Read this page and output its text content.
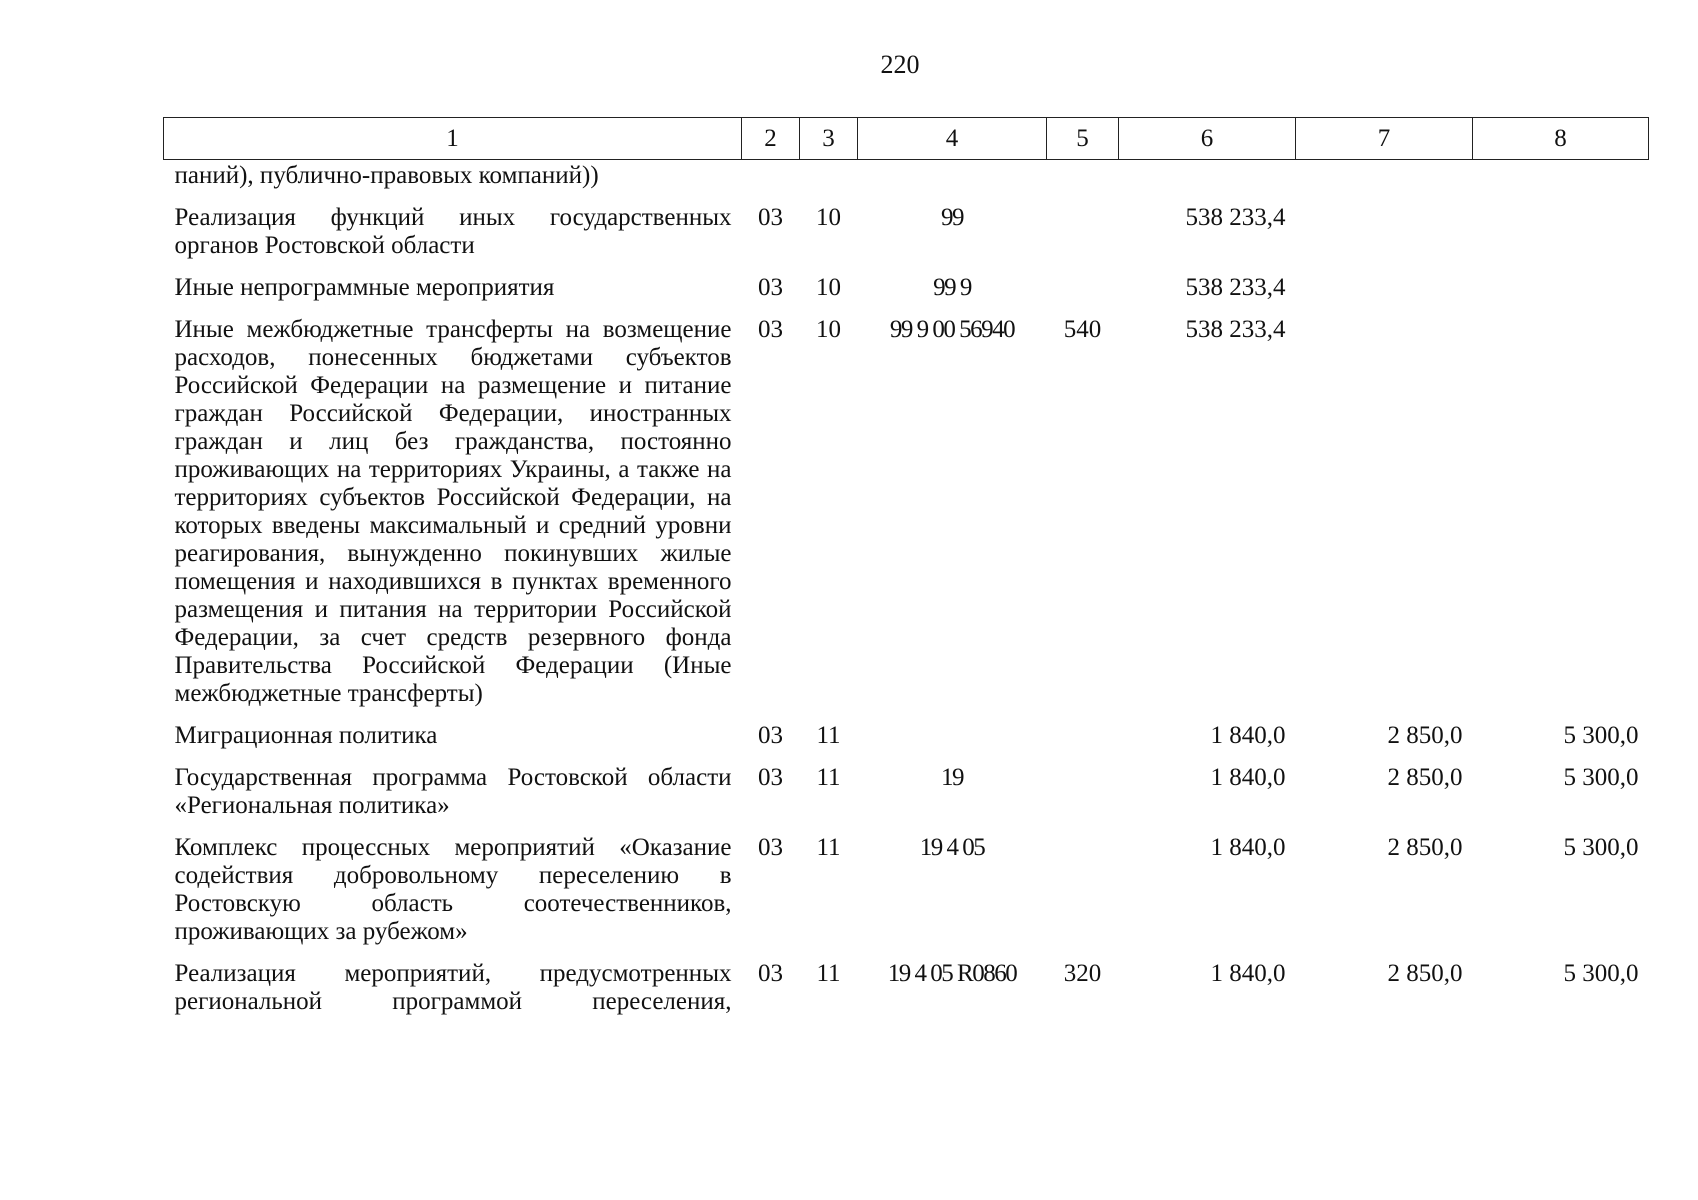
220
1	2	3	4	5	6	7	8
паний), публично-правовых компаний))							
Реализация функций иных государственных органов Ростовской области	03	10	99		538 233,4		
Иные непрограммные мероприятия	03	10	99 9		538 233,4		
Иные межбюджетные трансферты на возмещение расходов, понесенных бюджетами субъектов Российской Федерации на размещение и питание граждан Российской Федерации, иностранных граждан и лиц без гражданства, постоянно проживающих на территориях Украины, а также на территориях субъектов Российской Федерации, на которых введены максимальный и средний уровни реагирования, вынужденно покинувших жилые помещения и находившихся в пунктах временного размещения и питания на территории Российской Федерации, за счет средств резервного фонда Правительства Российской Федерации (Иные межбюджетные трансферты)	03	10	99 9 00 56940	540	538 233,4		
Миграционная политика	03	11			1 840,0	2 850,0	5 300,0
Государственная программа Ростовской области «Региональная политика»	03	11	19		1 840,0	2 850,0	5 300,0
Комплекс процессных мероприятий «Оказание содействия добровольному переселению в Ростовскую область соотечественников, проживающих за рубежом»	03	11	19 4 05		1 840,0	2 850,0	5 300,0
Реализация мероприятий, предусмотренных региональной программой переселения,	03	11	19 4 05 R0860	320	1 840,0	2 850,0	5 300,0
